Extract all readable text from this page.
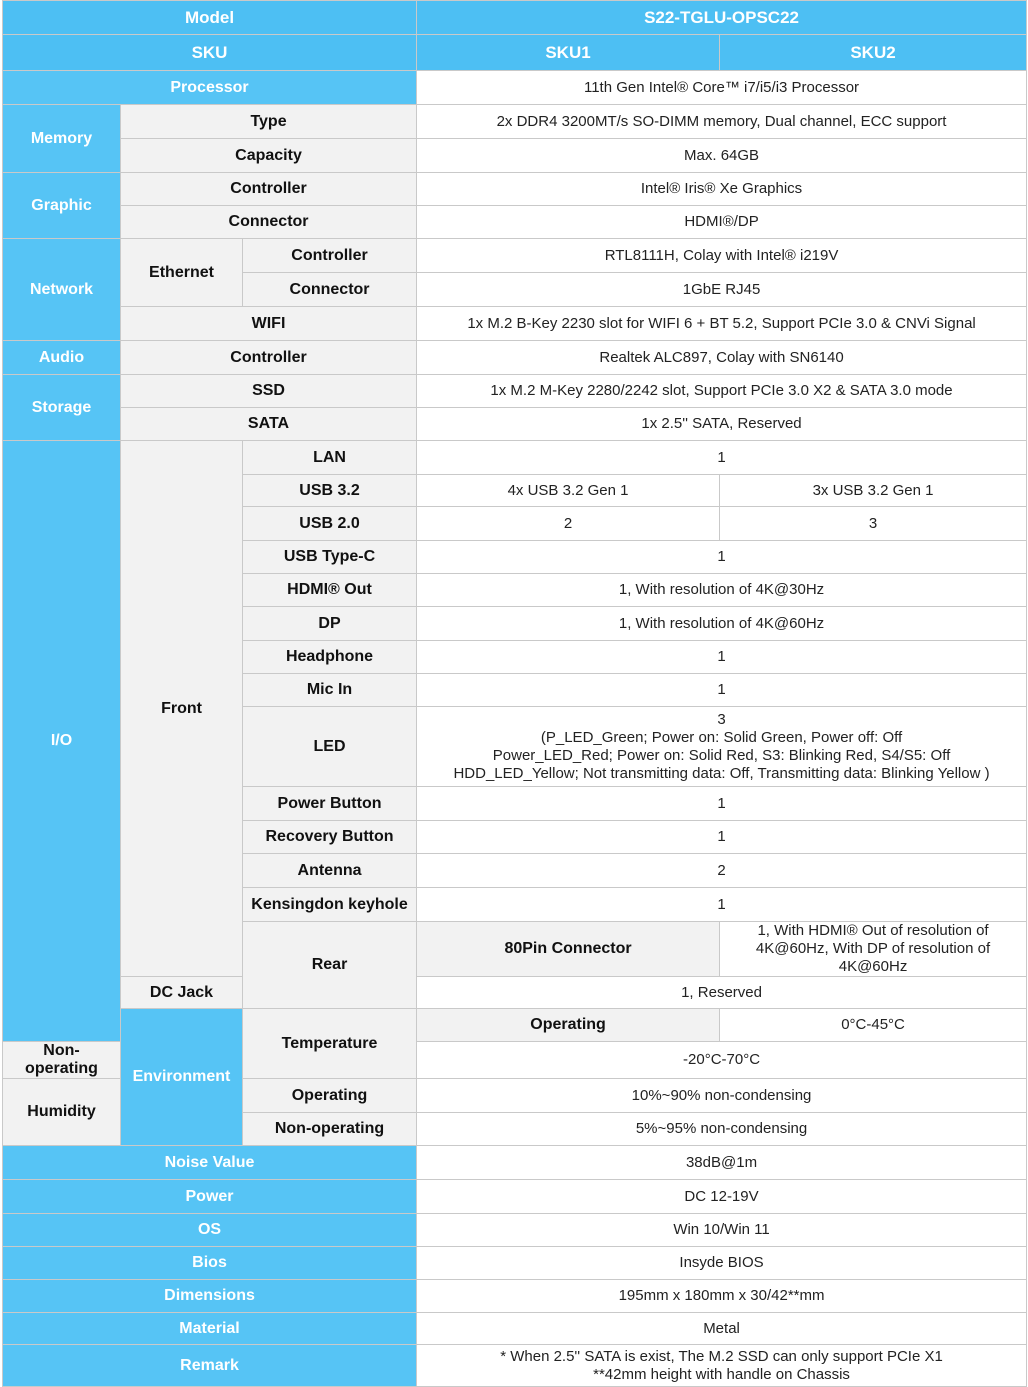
Model			S22-TGLU-OPSC22	
SKU			SKU1	SKU2
Processor			11th Gen Intel® Core™ i7/i5/i3 Processor	
Memory	Type		2x DDR4 3200MT/s SO-DIMM memory, Dual channel, ECC support	
	Capacity		Max. 64GB	
Graphic	Controller		Intel® Iris® Xe Graphics	
	Connector		HDMI®/DP	
Network	Ethernet	Controller	RTL8111H, Colay with Intel® i219V	
		Connector	1GbE RJ45	
	WIFI		1x M.2 B-Key 2230 slot for WIFI 6 + BT 5.2, Support PCIe 3.0 & CNVi Signal	
Audio	Controller		Realtek ALC897, Colay with SN6140	
Storage	SSD		1x M.2 M-Key 2280/2242 slot, Support PCIe 3.0 X2 & SATA 3.0 mode	
	SATA		1x 2.5'' SATA, Reserved	
I/O	Front	LAN	1	
		USB 3.2	4x USB 3.2 Gen 1	3x USB 3.2 Gen 1
		USB 2.0	2	3
		USB Type-C	1	
		HDMI® Out	1, With resolution of 4K@30Hz	
		DP	1, With resolution of 4K@60Hz	
		Headphone	1	
		Mic In	1	
		LED	3
(P_LED_Green; Power on: Solid Green, Power off: Off
Power_LED_Red; Power on: Solid Red, S3: Blinking Red, S4/S5: Off
HDD_LED_Yellow; Not transmitting data: Off, Transmitting data: Blinking Yellow )	

		Power Button	1	
		Recovery Button	1	
		Antenna	2	
		Kensingdon keyhole	1	
		Rear	80Pin Connector	1, With HDMI® Out of resolution of 4K@60Hz, With DP of resolution of 4K@60Hz
	DC Jack		1, Reserved	
	Environment	Temperature	Operating	0°C-45°C
Non-operating			-20°C-70°C	
Humidity		Operating	10%~90% non-condensing	
		Non-operating	5%~95% non-condensing	
Noise Value			38dB@1m	
Power			DC 12-19V	
OS			Win 10/Win 11	
Bios			Insyde BIOS	
Dimensions			195mm x 180mm x 30/42**mm	
Material			Metal	
Remark			* When 2.5'' SATA is exist, The M.2 SSD can only support PCIe X1
**42mm height with handle on Chassis	
